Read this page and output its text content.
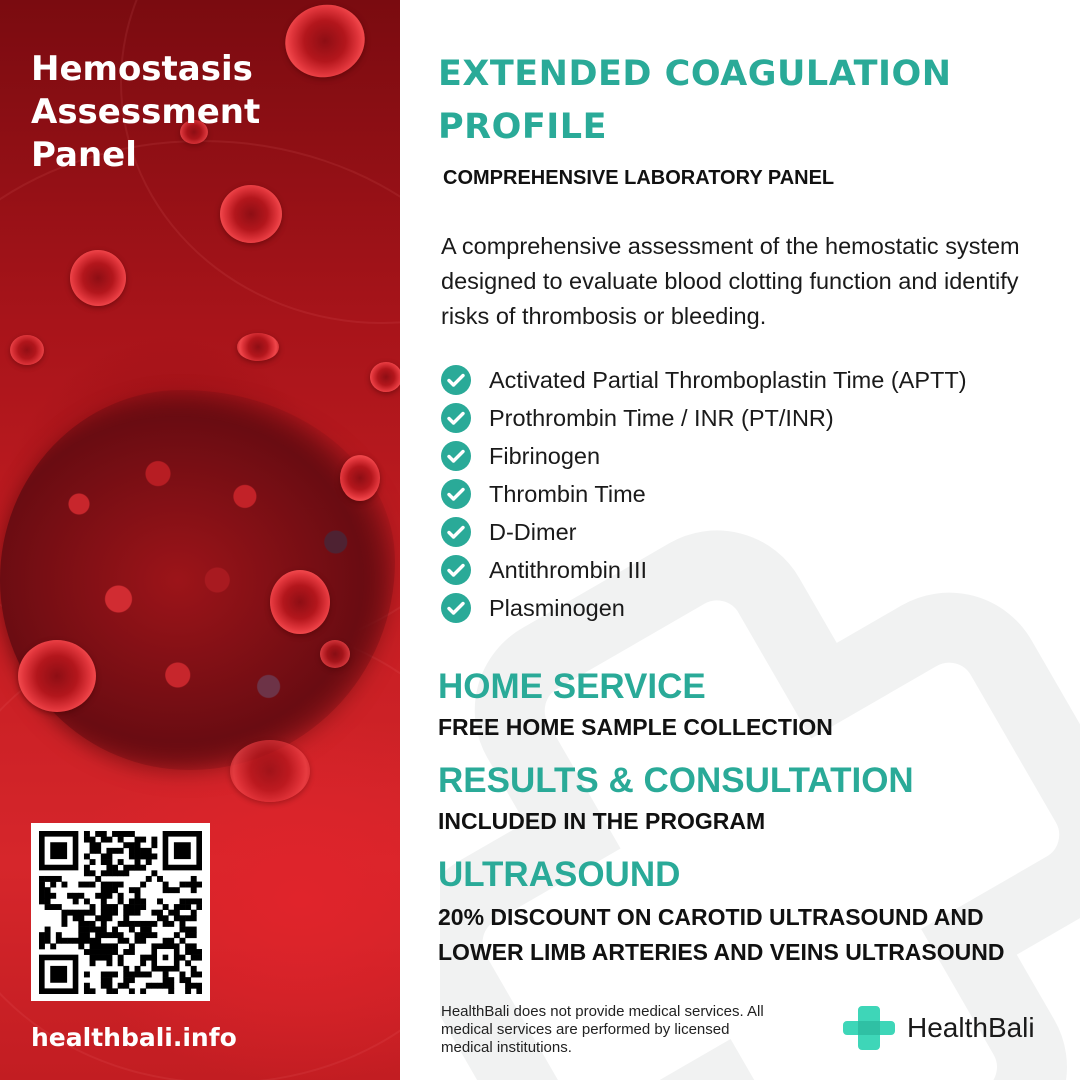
Hemostasis Assessment Panel
healthbali.info
EXTENDED COAGULATION PROFILE
COMPREHENSIVE LABORATORY PANEL

A comprehensive assessment of the hemostatic system designed to evaluate blood clotting function and identify risks of thrombosis or bleeding.

Activated Partial Thromboplastin Time (APTT)
Prothrombin Time / INR (PT/INR)
Fibrinogen
Thrombin Time
D-Dimer
Antithrombin III
Plasminogen
HOME SERVICE
FREE HOME SAMPLE COLLECTION
RESULTS & CONSULTATION
INCLUDED IN THE PROGRAM
ULTRASOUND
20% DISCOUNT ON CAROTID ULTRASOUND AND LOWER LIMB ARTERIES AND VEINS ULTRASOUND

HealthBali does not provide medical services. All medical services are performed by licensed medical institutions.

HealthBali
